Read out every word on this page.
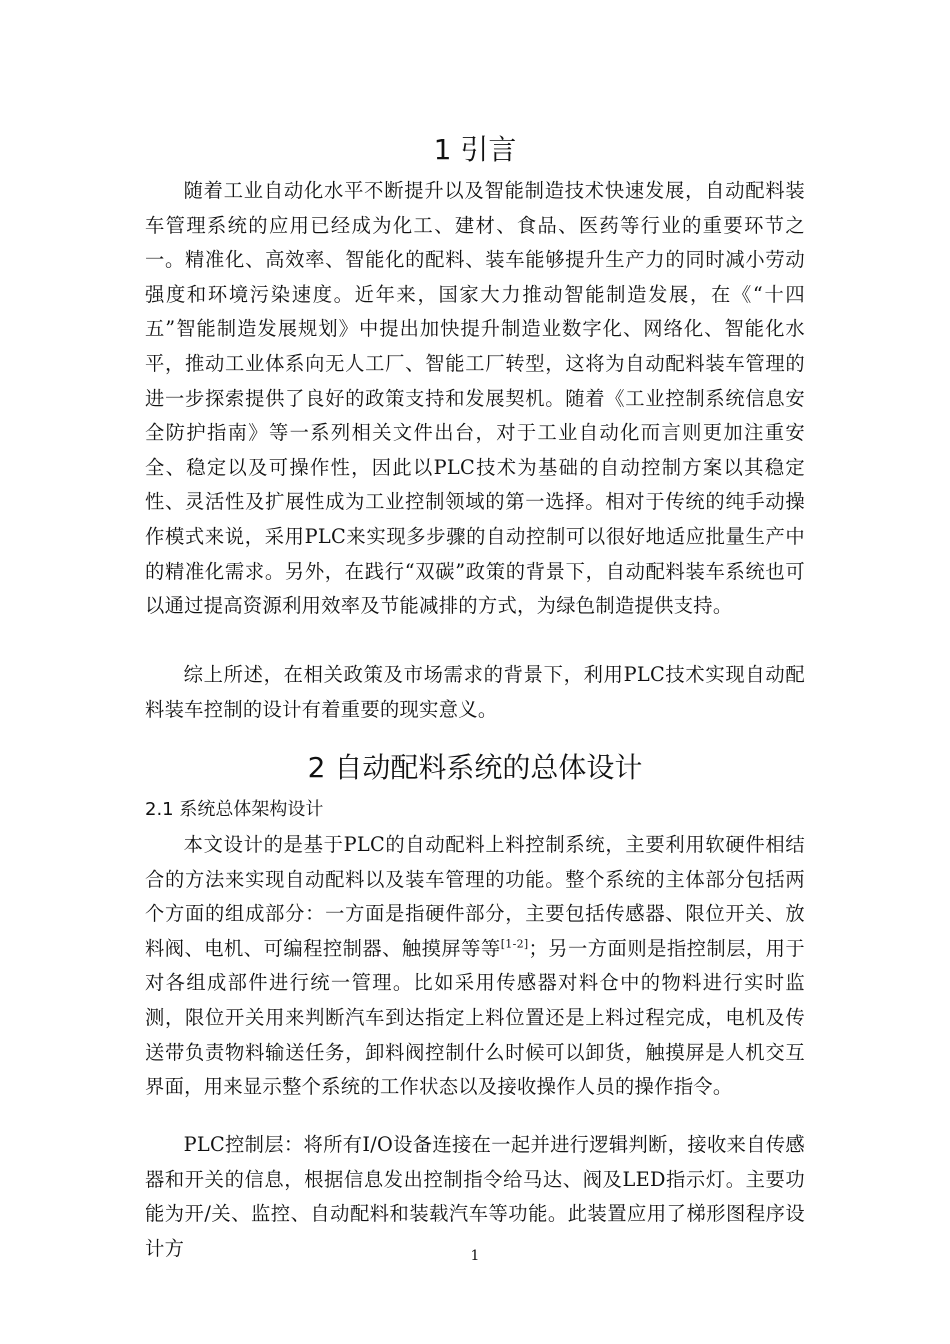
1 引言

随着工业自动化水平不断提升以及智能制造技术快速发展，自动配料装车管理系统的应用已经成为化工、建材、食品、医药等行业的重要环节之一。精准化、高效率、智能化的配料、装车能够提升生产力的同时减小劳动强度和环境污染速度。近年来，国家大力推动智能制造发展，在《“十四五”智能制造发展规划》中提出加快提升制造业数字化、网络化、智能化水平，推动工业体系向无人工厂、智能工厂转型，这将为自动配料装车管理的进一步探索提供了良好的政策支持和发展契机。随着《工业控制系统信息安全防护指南》等一系列相关文件出台，对于工业自动化而言则更加注重安全、稳定以及可操作性，因此以PLC技术为基础的自动控制方案以其稳定性、灵活性及扩展性成为工业控制领域的第一选择。相对于传统的纯手动操作模式来说，采用PLC来实现多步骤的自动控制可以很好地适应批量生产中的精准化需求。另外，在践行“双碳”政策的背景下，自动配料装车系统也可以通过提高资源利用效率及节能减排的方式，为绿色制造提供支持。

综上所述，在相关政策及市场需求的背景下，利用PLC技术实现自动配料装车控制的设计有着重要的现实意义。

2 自动配料系统的总体设计
2.1 系统总体架构设计

本文设计的是基于PLC的自动配料上料控制系统，主要利用软硬件相结合的方法来实现自动配料以及装车管理的功能。整个系统的主体部分包括两个方面的组成部分：一方面是指硬件部分，主要包括传感器、限位开关、放料阀、电机、可编程控制器、触摸屏等等[1-2]；另一方面则是指控制层，用于对各组成部件进行统一管理。比如采用传感器对料仓中的物料进行实时监测，限位开关用来判断汽车到达指定上料位置还是上料过程完成，电机及传送带负责物料输送任务，卸料阀控制什么时候可以卸货，触摸屏是人机交互界面，用来显示整个系统的工作状态以及接收操作人员的操作指令。

PLC控制层：将所有I/O设备连接在一起并进行逻辑判断，接收来自传感器和开关的信息，根据信息发出控制指令给马达、阀及LED指示灯。主要功能为开/关、监控、自动配料和装载汽车等功能。此装置应用了梯形图程序设计方	1
